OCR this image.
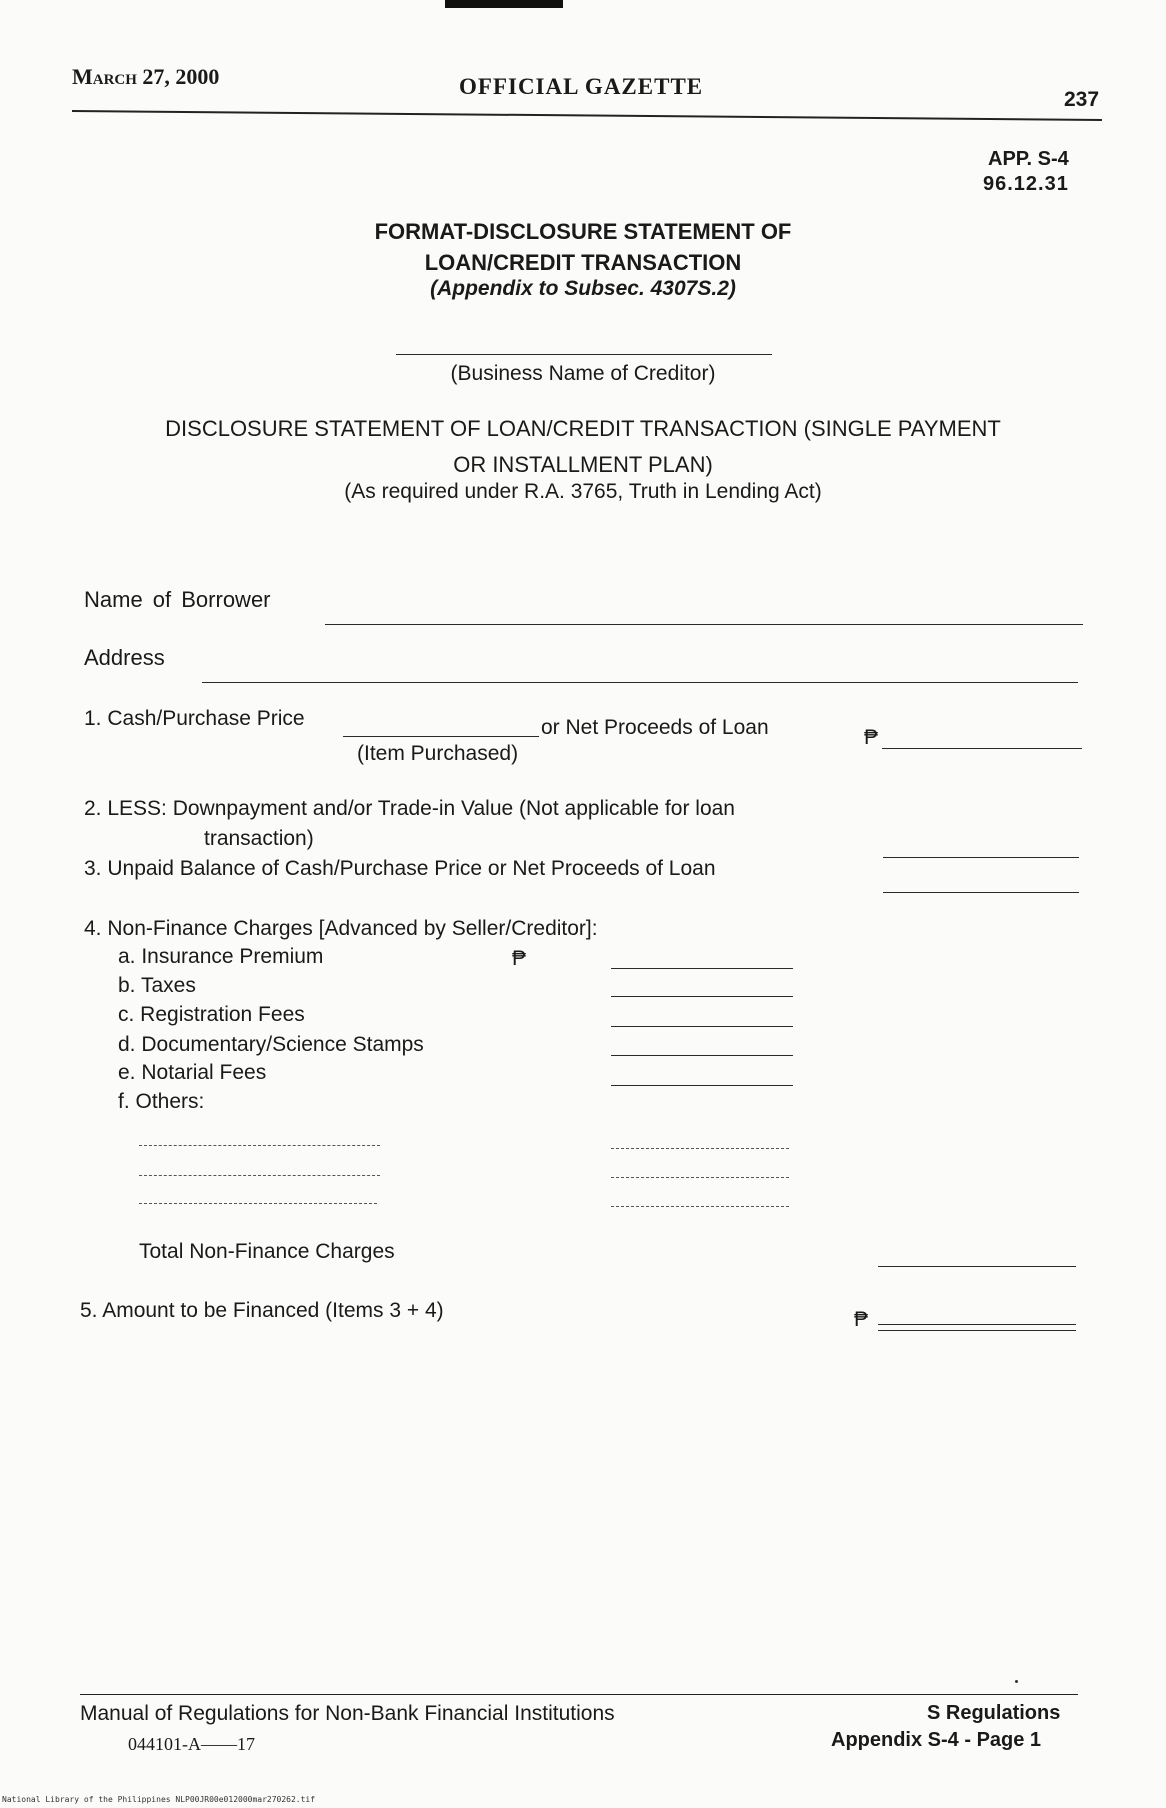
March 27, 2000	OFFICIAL GAZETTE
237
APP. S-4
96.12.31
FORMAT-DISCLOSURE STATEMENT OF
LOAN/CREDIT TRANSACTION
(Appendix to Subsec. 4307S.2)
(Business Name of Creditor)
DISCLOSURE STATEMENT OF LOAN/CREDIT TRANSACTION (SINGLE PAYMENT
OR INSTALLMENT PLAN)
(As required under R.A. 3765, Truth in Lending Act)
Name of Borrower
Address
1. Cash/Purchase Price	or Net Proceeds of Loan
(Item Purchased)
₱
2. LESS: Downpayment and/or Trade-in Value (Not applicable for loan
transaction)
3. Unpaid Balance of Cash/Purchase Price or Net Proceeds of Loan
4. Non-Finance Charges [Advanced by Seller/Creditor]:
a. Insurance Premium	₱
b. Taxes
c. Registration Fees
d. Documentary/Science Stamps
e. Notarial Fees
f. Others:
Total Non-Finance Charges
5. Amount to be Financed (Items 3 + 4)	₱
Manual of Regulations for Non-Bank Financial Institutions	S Regulations
044101-A——17	Appendix S-4 - Page 1
National Library of the Philippines NLP00JR00e012000mar270262.tif
